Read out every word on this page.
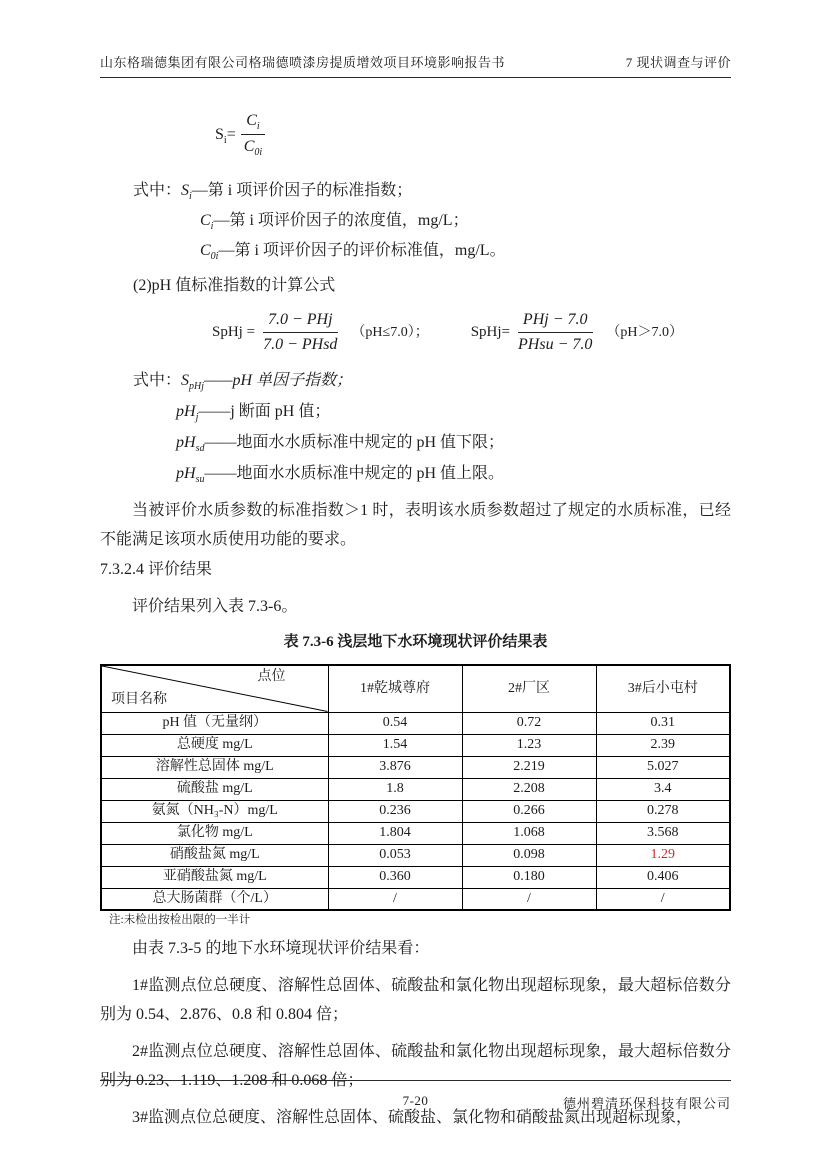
山东格瑞德集团有限公司格瑞德喷漆房提质增效项目环境影响报告书	7 现状调查与评价
$S_i= \frac{C_i}{C_{0i}}$

式中：$S_i—$第 i 项评价因子的标准指数；

$C_i—$第 i 项评价因子的浓度值，mg/L；

$C_{0i}—$第 i 项评价因子的评价标准值，mg/L。

(2)pH 值标准指数的计算公式

SpHj = $\frac{\text{7.0 − PHj}}{\text{7.0 − PHsd}} (pH\le 7.0)$；	SpHj= $\frac{\text{PHj − 7.0}}{\text{PHsu − 7.0}} (pH>7.0)$

式中：$S_{pHj}——pH$ 单因子指数；

$pH_j——j$ 断面 pH 值；

$pH_{sd}——$地面水水质标准中规定的 pH 值下限；

$pH_{su}——$地面水水质标准中规定的 pH 值上限。

当被评价水质参数的标准指数＞1 时，表明该水质参数超过了规定的水质标准，已经不能满足该项水质使用功能的要求。

7.3.2.4 评价结果

评价结果列入表 7.3-6。

表 7.3-6 浅层地下水环境现状评价结果表

点位
项目名称	1#乾城尊府	2#厂区	3#后小屯村
pH 值（无量纲）	0.54	0.72	0.31
总硬度 mg/L	1.54	1.23	2.39
溶解性总固体 mg/L	3.876	2.219	5.027
硫酸盐 mg/L	1.8	2.208	3.4
氨氮（NH₃-N）mg/L	0.236	0.266	0.278
氯化物 mg/L	1.804	1.068	3.568
硝酸盐氮 mg/L	0.053	0.098	1.29
亚硝酸盐氮 mg/L	0.360	0.180	0.406
总大肠菌群（个/L）	/	/	/

注:未检出按检出限的一半计

由表 7.3-5 的地下水环境现状评价结果看：

1#监测点位总硬度、溶解性总固体、硫酸盐和氯化物出现超标现象，最大超标倍数分别为 0.54、2.876、0.8 和 0.804 倍；

2#监测点位总硬度、溶解性总固体、硫酸盐和氯化物出现超标现象，最大超标倍数分别为 0.23、1.119、1.208 和 0.068 倍；

3#监测点位总硬度、溶解性总固体、硫酸盐、氯化物和硝酸盐氮出现超标现象，

7-20	德州碧清环保科技有限公司
